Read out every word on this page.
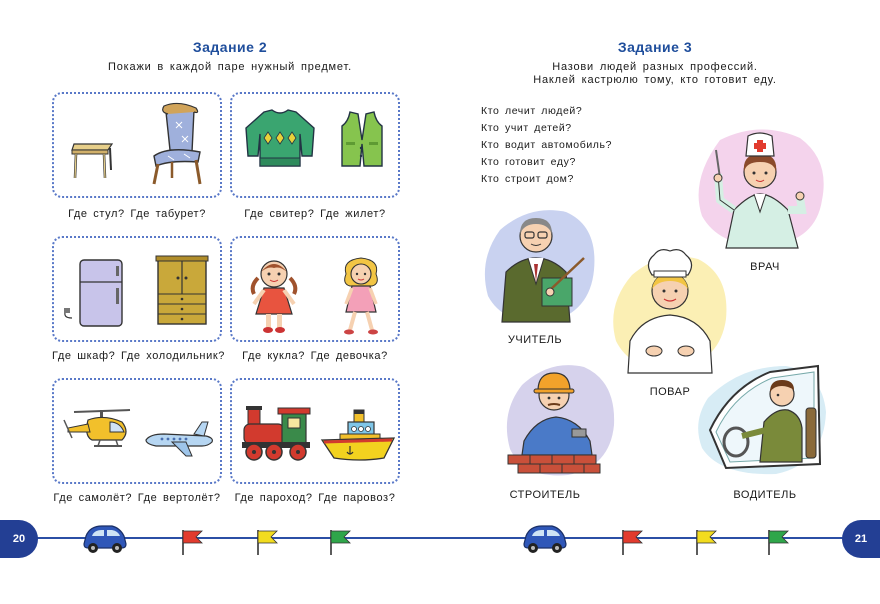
Задание 2
Покажи в каждой паре нужный предмет.
Где стул? Где табурет?	Где свитер? Где жилет?
Где шкаф? Где холодильник?	Где кукла? Где девочка?
Где самолёт? Где вертолёт?	Где пароход? Где паровоз?
Задание 3
Назови людей разных профессий.
Наклей кастрюлю тому, кто готовит еду.
Кто лечит людей?
Кто учит детей?
Кто водит автомобиль?
Кто готовит еду?
Кто строит дом?
ВРАЧ
УЧИТЕЛЬ
ПОВАР
СТРОИТЕЛЬ	ВОДИТЕЛЬ
20	21
